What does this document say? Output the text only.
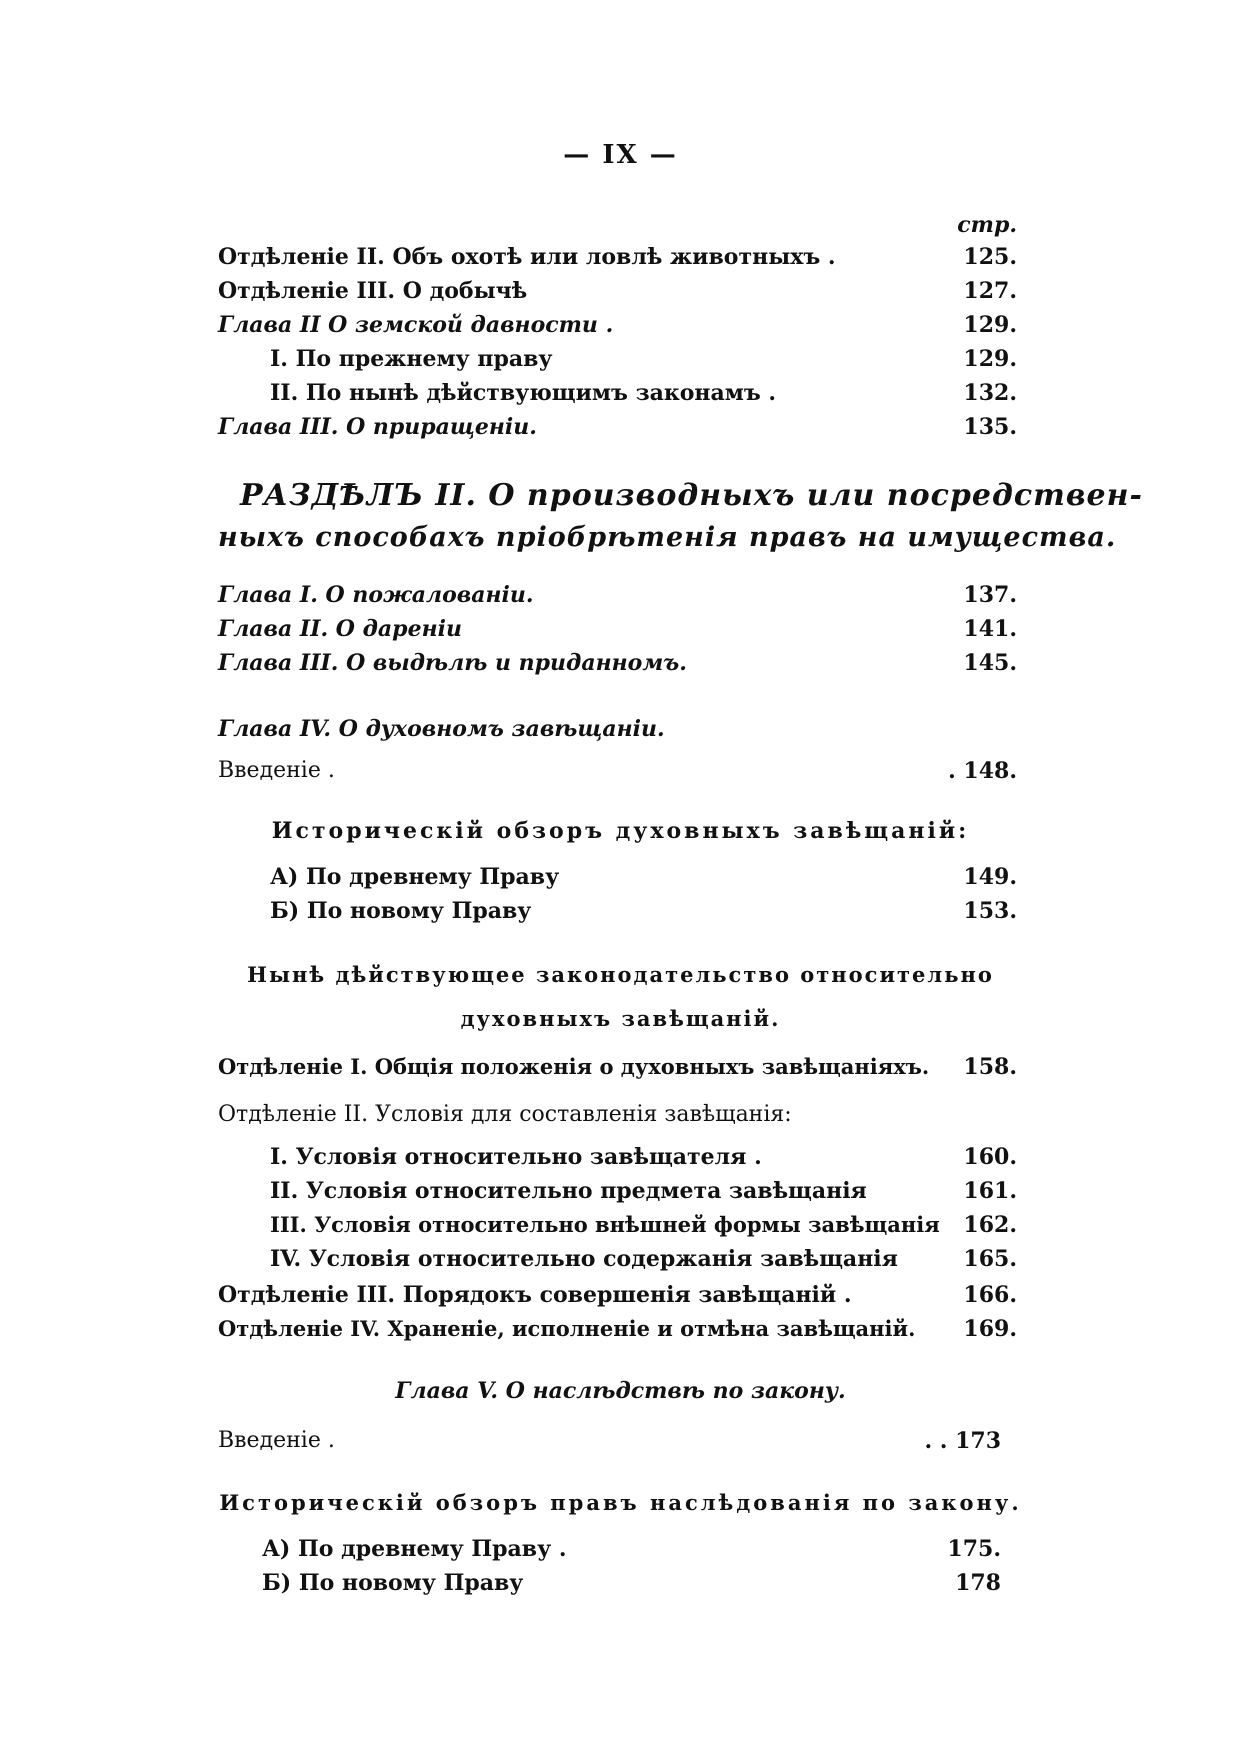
— IX —
стр.
Отдѣленіе II. Объ охотѣ или ловлѣ животныхъ .	125.
Отдѣленіе III. О добычѣ	127.
Глава II О земской давности .	129.
I. По прежнему праву	129.
II. По нынѣ дѣйствующимъ законамъ .	132.
Глава III. О приращеніи.	135.
РАЗДѢЛЪ II. О производныхъ или посредствен-
ныхъ способахъ пріобрѣтенія правъ на имущества.
Глава I. О пожалованіи.	137.
Глава II. О дареніи	141.
Глава III. О выдѣлѣ и приданномъ.	145.
Глава IV. О духовномъ завѣщаніи.
Введеніе .	. 148.
Историческій обзоръ духовныхъ завѣщаній:
А) По древнему Праву	149.
Б) По новому Праву	153.
Нынѣ дѣйствующее законодательство относительно
духовныхъ завѣщаній.
Отдѣленіе I. Общія положенія о духовныхъ завѣщаніяхъ. 158.
Отдѣленіе II. Условія для составленія завѣщанія:
I. Условія относительно завѣщателя .	160.
II. Условія относительно предмета завѣщанія	161.
III. Условія относительно внѣшней формы завѣщанія 162.
IV. Условія относительно содержанія завѣщанія	165.
Отдѣленіе III. Порядокъ совершенія завѣщаній .	166.
Отдѣленіе IV. Храненіе, исполненіе и отмѣна завѣщаній. 169.
Глава V. О наслѣдствѣ по закону.
Введеніе .	. . 173
Историческій обзоръ правъ наслѣдованія по закону.
А) По древнему Праву .	175.
Б) По новому Праву	178
